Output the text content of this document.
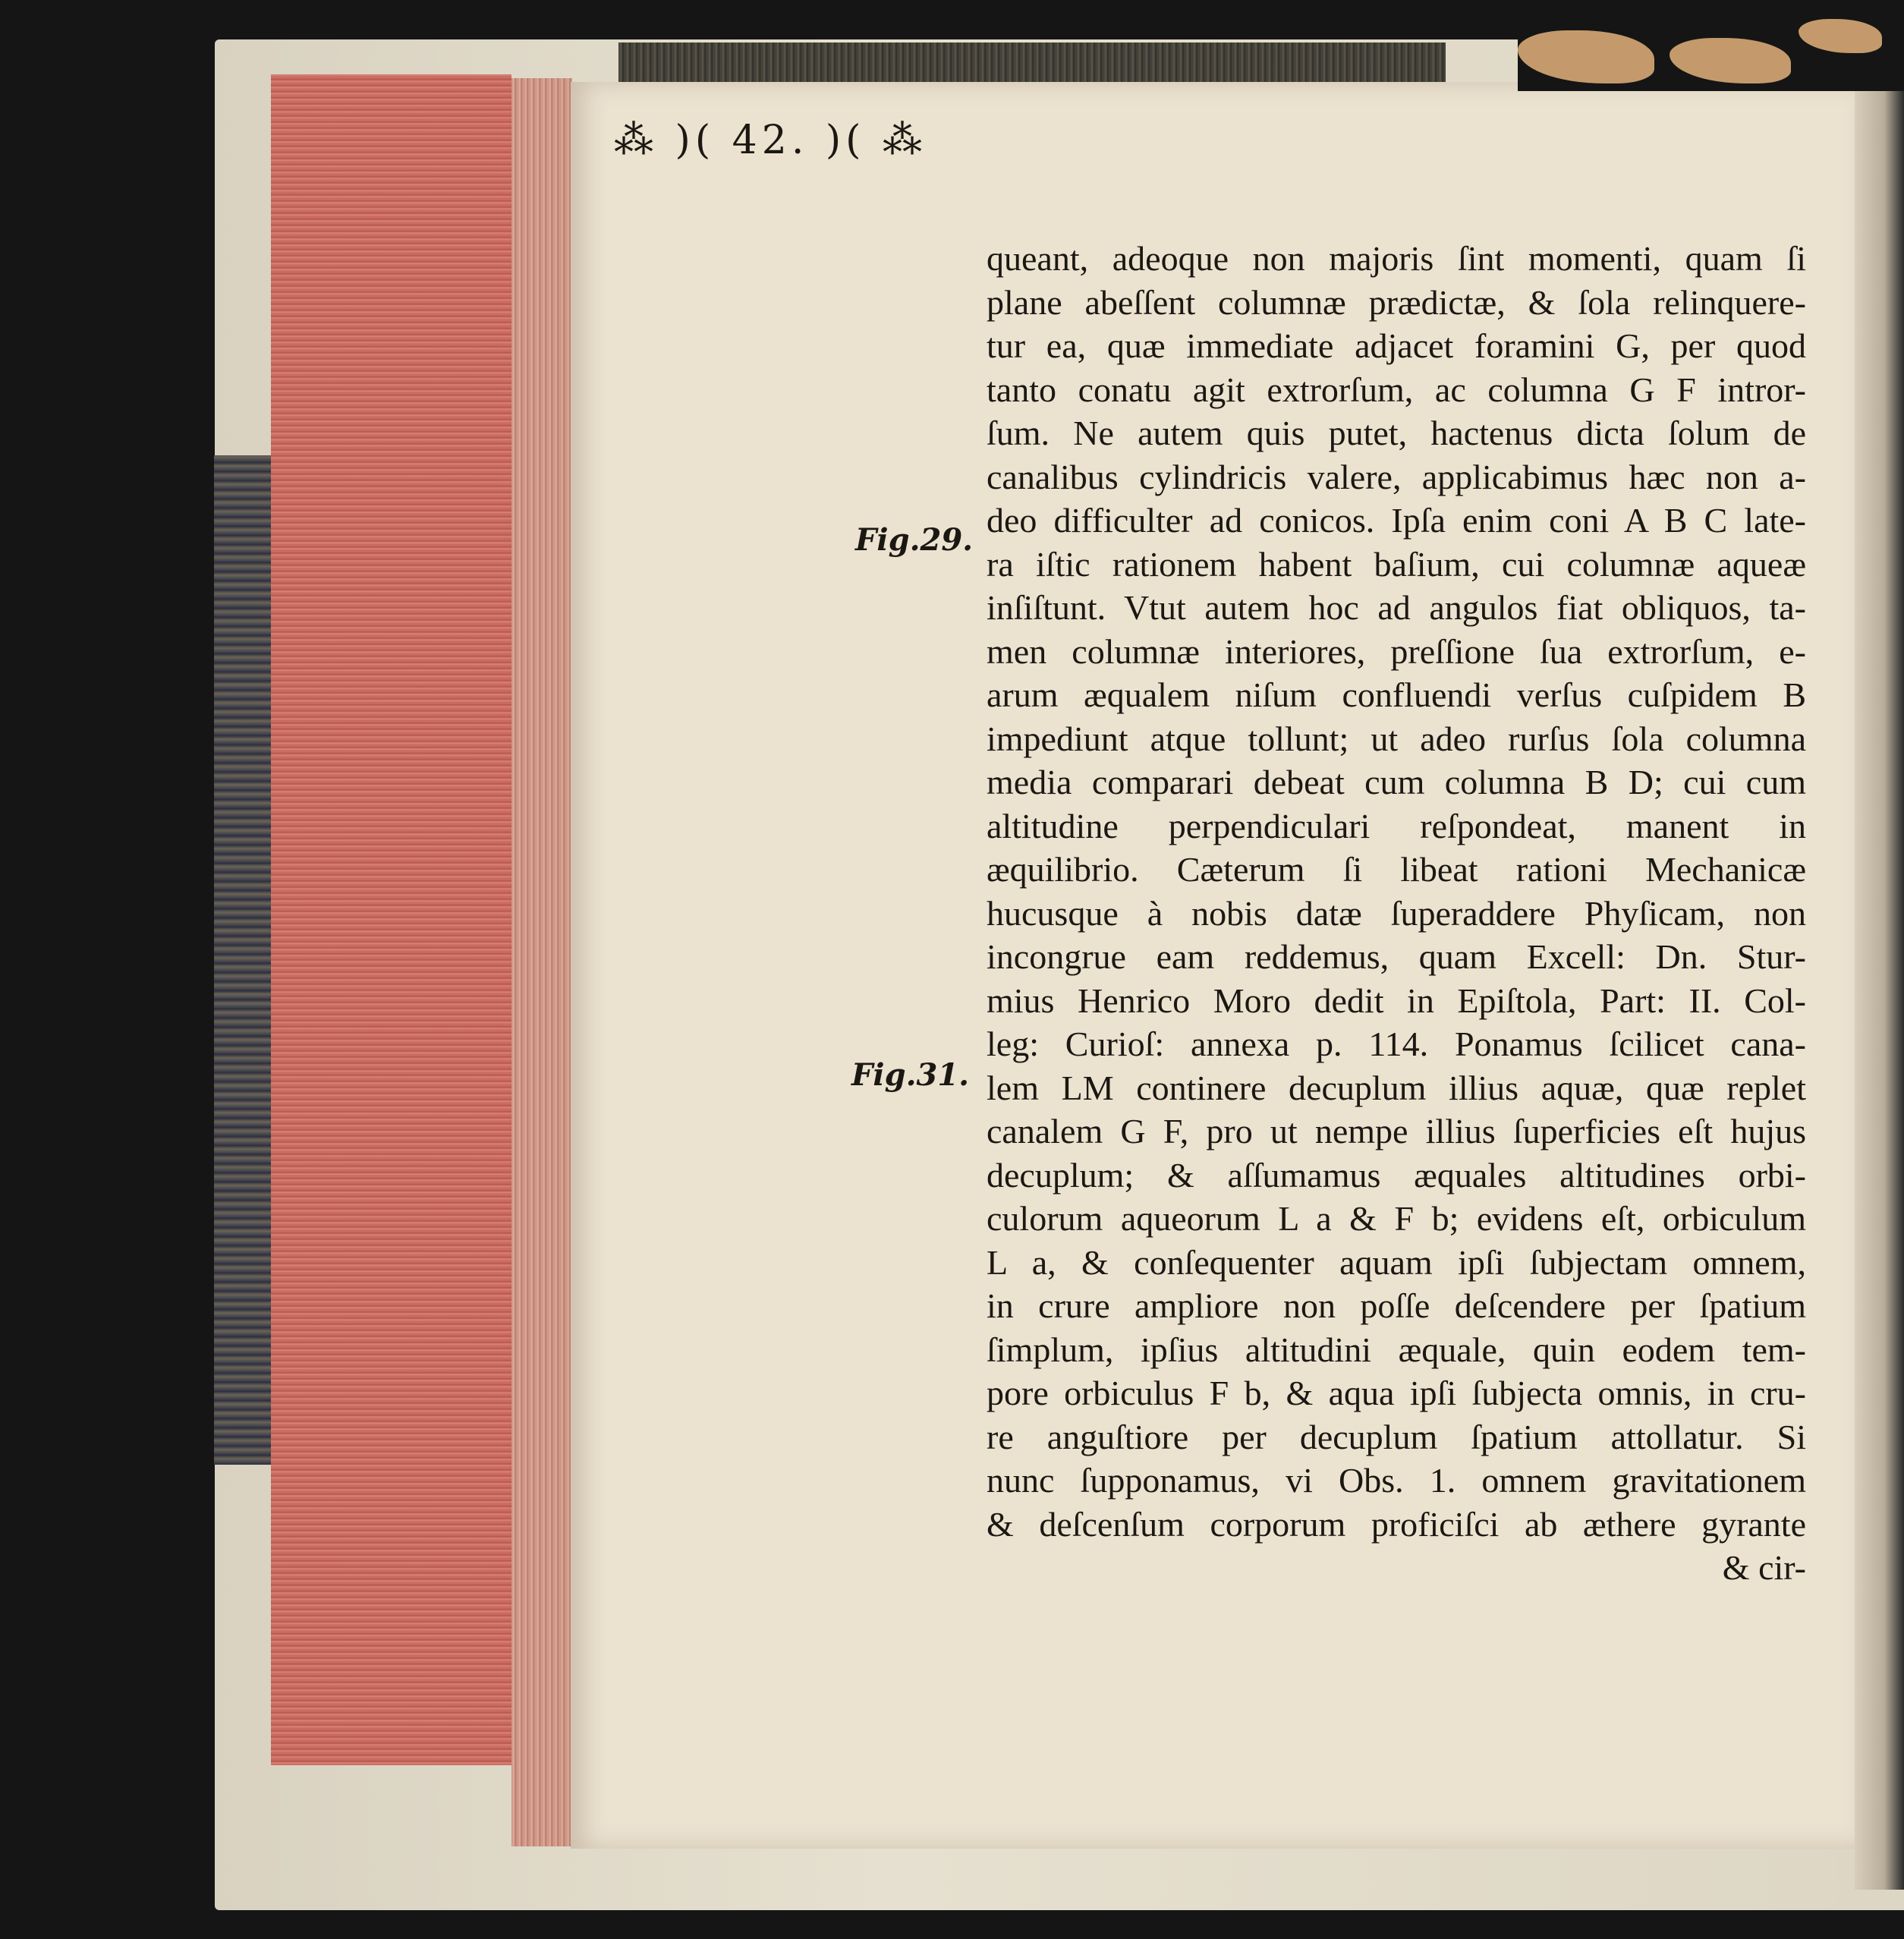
⁂ )( 42. )( ⁂
Fig.29.
Fig.31.
queant, adeoque non majoris ſint momenti, quam ſi
plane abeſſent columnæ prædictæ, & ſola relinquere-
tur ea, quæ immediate adjacet foramini G, per quod
tanto conatu agit extrorſum, ac columna G F intror-
ſum. Ne autem quis putet, hactenus dicta ſolum de
canalibus cylindricis valere, applicabimus hæc non a-
deo difficulter ad conicos. Ipſa enim coni A B C late-
ra iſtic rationem habent baſium, cui columnæ aqueæ
inſiſtunt. Vtut autem hoc ad angulos fiat obliquos, ta-
men columnæ interiores, preſſione ſua extrorſum, e-
arum æqualem niſum confluendi verſus cuſpidem B
impediunt atque tollunt; ut adeo rurſus ſola columna
media comparari debeat cum columna B D; cui cum
altitudine perpendiculari reſpondeat, manent in
æquilibrio. Cæterum ſi libeat rationi Mechanicæ
hucusque à nobis datæ ſuperaddere Phyſicam, non
incongrue eam reddemus, quam Excell: Dn. Stur-
mius Henrico Moro dedit in Epiſtola, Part: II. Col-
leg: Curioſ: annexa p. 114. Ponamus ſcilicet cana-
lem LM continere decuplum illius aquæ, quæ replet
canalem G F, pro ut nempe illius ſuperficies eſt hujus
decuplum; & aſſumamus æquales altitudines orbi-
culorum aqueorum L a & F b; evidens eſt, orbiculum
L a, & conſequenter aquam ipſi ſubjectam omnem,
in crure ampliore non poſſe deſcendere per ſpatium
ſimplum, ipſius altitudini æquale, quin eodem tem-
pore orbiculus F b, & aqua ipſi ſubjecta omnis, in cru-
re anguſtiore per decuplum ſpatium attollatur. Si
nunc ſupponamus, vi Obs. 1. omnem gravitationem
& deſcenſum corporum proficiſci ab æthere gyrante
& cir-
